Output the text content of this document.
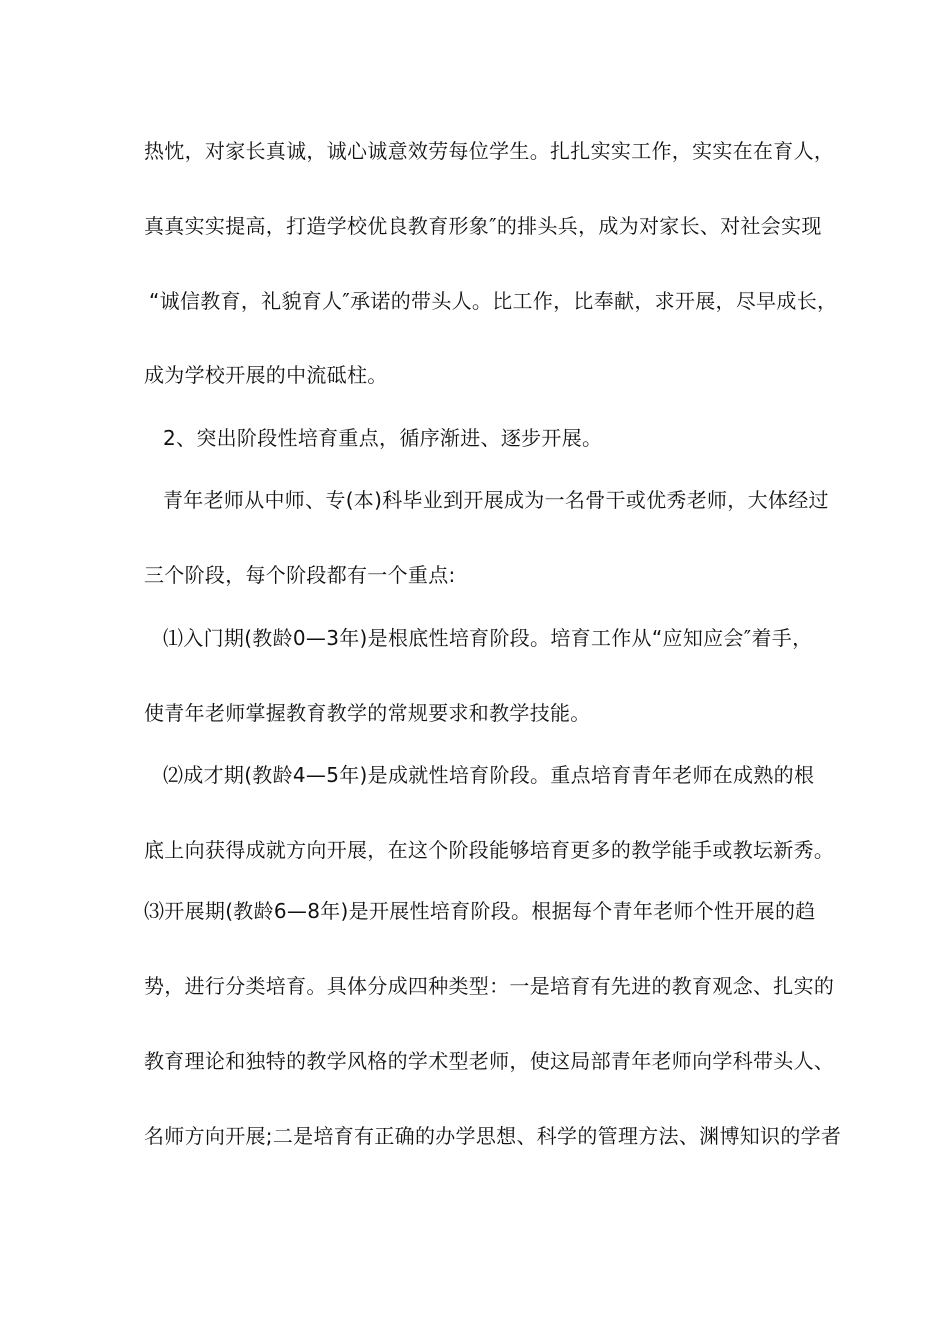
热忱，对家长真诚，诚心诚意效劳每位学生。扎扎实实工作，实实在在育人，
真真实实提高，打造学校优良教育形象″的排头兵，成为对家长、对社会实现
“诚信教育，礼貌育人″承诺的带头人。比工作，比奉献，求开展，尽早成长，
成为学校开展的中流砥柱。
2、突出阶段性培育重点，循序渐进、逐步开展。
青年老师从中师、专(本)科毕业到开展成为一名骨干或优秀老师，大体经过
三个阶段，每个阶段都有一个重点:
⑴入门期(教龄0—3年)是根底性培育阶段。培育工作从“应知应会″着手，
使青年老师掌握教育教学的常规要求和教学技能。
⑵成才期(教龄4—5年)是成就性培育阶段。重点培育青年老师在成熟的根
底上向获得成就方向开展，在这个阶段能够培育更多的教学能手或教坛新秀。
⑶开展期(教龄6—8年)是开展性培育阶段。根据每个青年老师个性开展的趋
势，进行分类培育。具体分成四种类型：一是培育有先进的教育观念、扎实的
教育理论和独特的教学风格的学术型老师，使这局部青年老师向学科带头人、
名师方向开展;二是培育有正确的办学思想、科学的管理方法、渊博知识的学者
